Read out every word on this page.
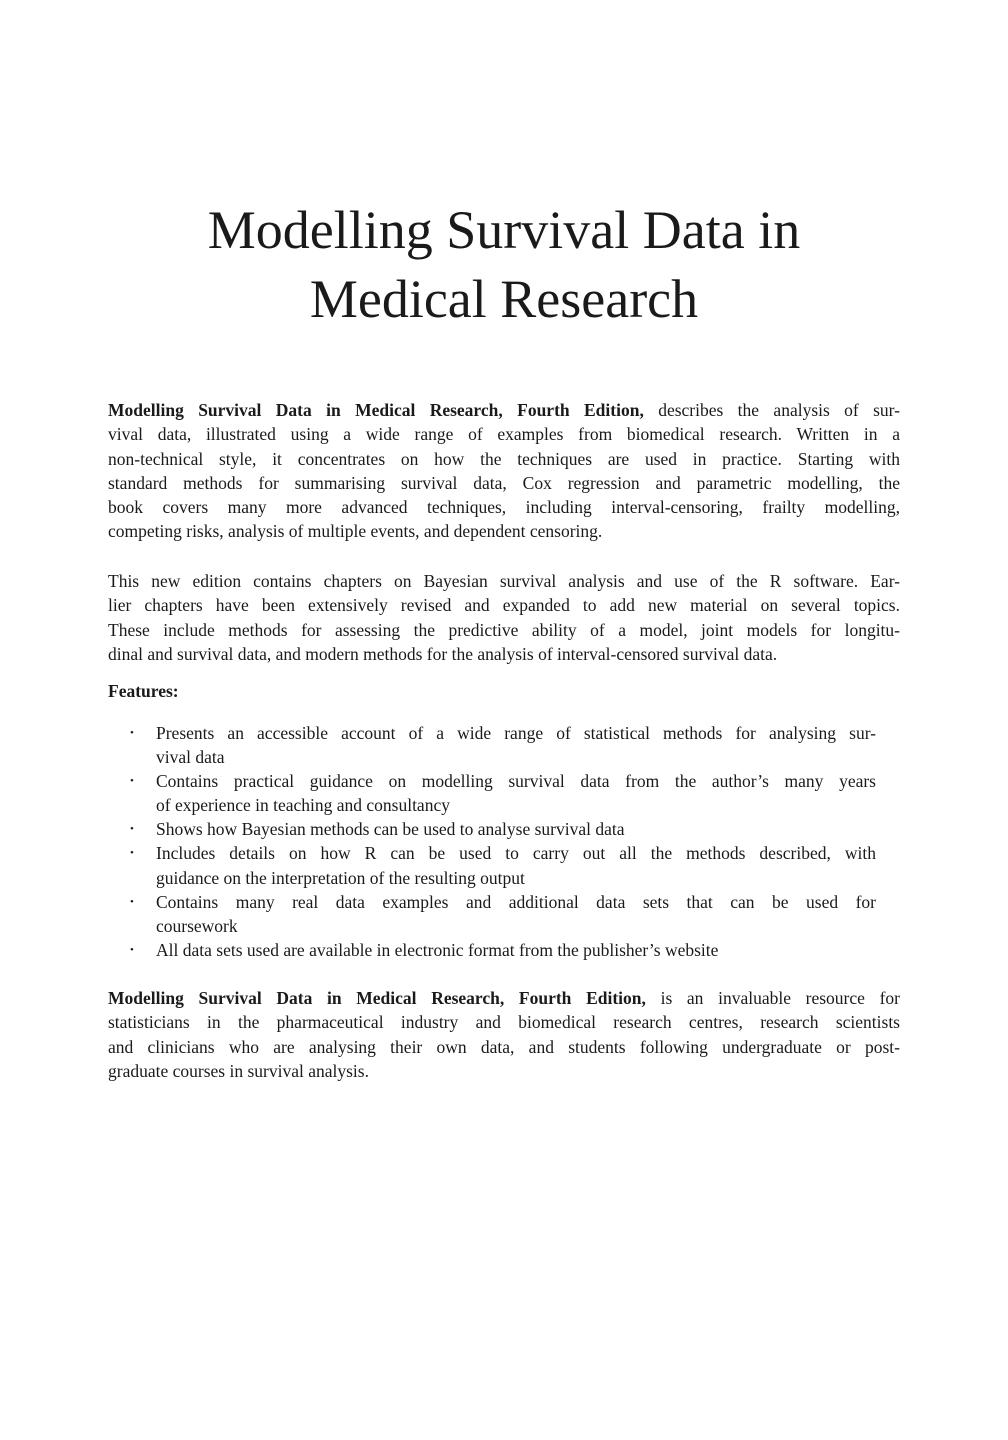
Modelling Survival Data in
Medical Research
Modelling Survival Data in Medical Research, Fourth Edition, describes the analysis of sur-
vival data, illustrated using a wide range of examples from biomedical research. Written in a
non-technical style, it concentrates on how the techniques are used in practice. Starting with
standard methods for summarising survival data, Cox regression and parametric modelling, the
book covers many more advanced techniques, including interval-censoring, frailty modelling,
competing risks, analysis of multiple events, and dependent censoring.
This new edition contains chapters on Bayesian survival analysis and use of the R software. Ear-
lier chapters have been extensively revised and expanded to add new material on several topics.
These include methods for assessing the predictive ability of a model, joint models for longitu-
dinal and survival data, and modern methods for the analysis of interval-censored survival data.
Features:
• Presents an accessible account of a wide range of statistical methods for analysing sur-
vival data
• Contains practical guidance on modelling survival data from the author’s many years
of experience in teaching and consultancy
• Shows how Bayesian methods can be used to analyse survival data
• Includes details on how R can be used to carry out all the methods described, with
guidance on the interpretation of the resulting output
• Contains many real data examples and additional data sets that can be used for
coursework
• All data sets used are available in electronic format from the publisher’s website
Modelling Survival Data in Medical Research, Fourth Edition, is an invaluable resource for
statisticians in the pharmaceutical industry and biomedical research centres, research scientists
and clinicians who are analysing their own data, and students following undergraduate or post-
graduate courses in survival analysis.
